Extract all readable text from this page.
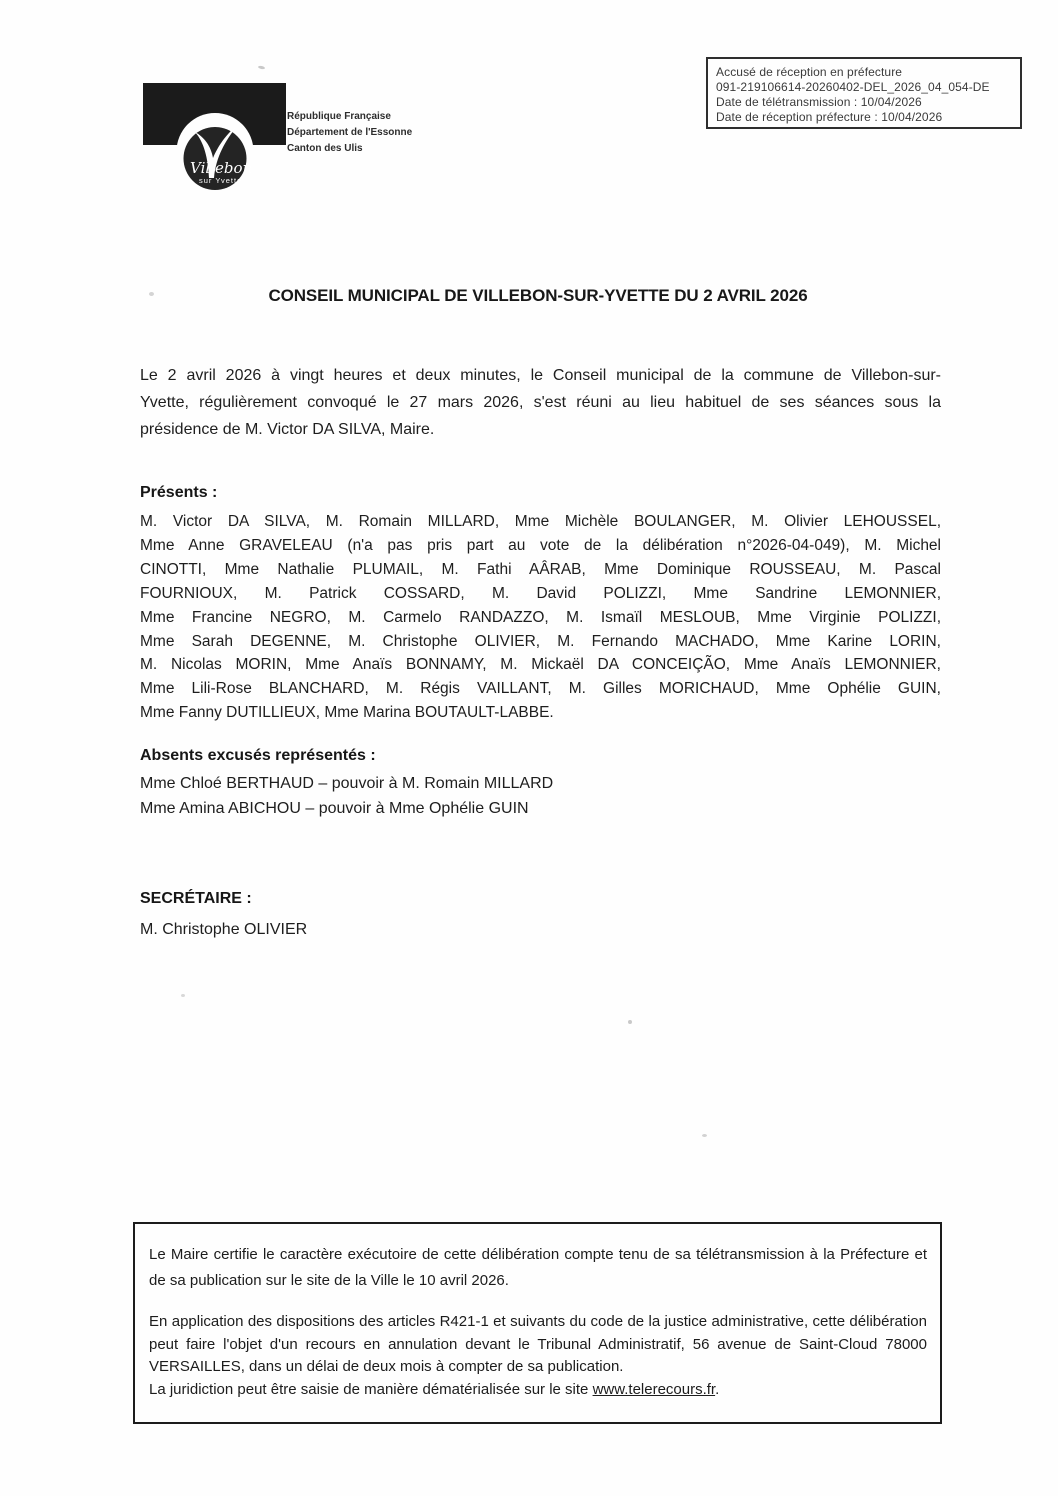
Accusé de réception en préfecture
091-219106614-20260402-DEL_2026_04_054-DE
Date de télétransmission : 10/04/2026
Date de réception préfecture : 10/04/2026
Villebon
sur Yvette
République Française
Département de l'Essonne
Canton des Ulis
CONSEIL MUNICIPAL DE VILLEBON-SUR-YVETTE DU 2 AVRIL 2026
Le 2 avril 2026 à vingt heures et deux minutes, le Conseil municipal de la commune de Villebon-sur-
Yvette, régulièrement convoqué le 27 mars 2026, s'est réuni au lieu habituel de ses séances sous la
présidence de M. Victor DA SILVA, Maire.
Présents :
M. Victor DA SILVA, M. Romain MILLARD, Mme Michèle BOULANGER, M. Olivier LEHOUSSEL,
Mme Anne GRAVELEAU (n'a pas pris part au vote de la délibération n°2026-04-049), M. Michel
CINOTTI, Mme Nathalie PLUMAIL, M. Fathi AÂRAB, Mme Dominique ROUSSEAU, M. Pascal
FOURNIOUX, M. Patrick COSSARD, M. David POLIZZI, Mme Sandrine LEMONNIER,
Mme Francine NEGRO, M. Carmelo RANDAZZO, M. Ismaïl MESLOUB, Mme Virginie POLIZZI,
Mme Sarah DEGENNE, M. Christophe OLIVIER, M. Fernando MACHADO, Mme Karine LORIN,
M. Nicolas MORIN, Mme Anaïs BONNAMY, M. Mickaël DA CONCEIÇÃO, Mme Anaïs LEMONNIER,
Mme Lili-Rose BLANCHARD, M. Régis VAILLANT, M. Gilles MORICHAUD, Mme Ophélie GUIN,
Mme Fanny DUTILLIEUX, Mme Marina BOUTAULT-LABBE.
Absents excusés représentés :
Mme Chloé BERTHAUD – pouvoir à M. Romain MILLARD
Mme Amina ABICHOU – pouvoir à Mme Ophélie GUIN
SECRÉTAIRE :
M. Christophe OLIVIER
Le Maire certifie le caractère exécutoire de cette délibération compte tenu de sa télétransmission à la Préfecture et
de sa publication sur le site de la Ville le 10 avril 2026.
En application des dispositions des articles R421-1 et suivants du code de la justice administrative, cette délibération
peut faire l'objet d'un recours en annulation devant le Tribunal Administratif, 56 avenue de Saint-Cloud 78000
VERSAILLES, dans un délai de deux mois à compter de sa publication.
La juridiction peut être saisie de manière dématérialisée sur le site www.telerecours.fr.
